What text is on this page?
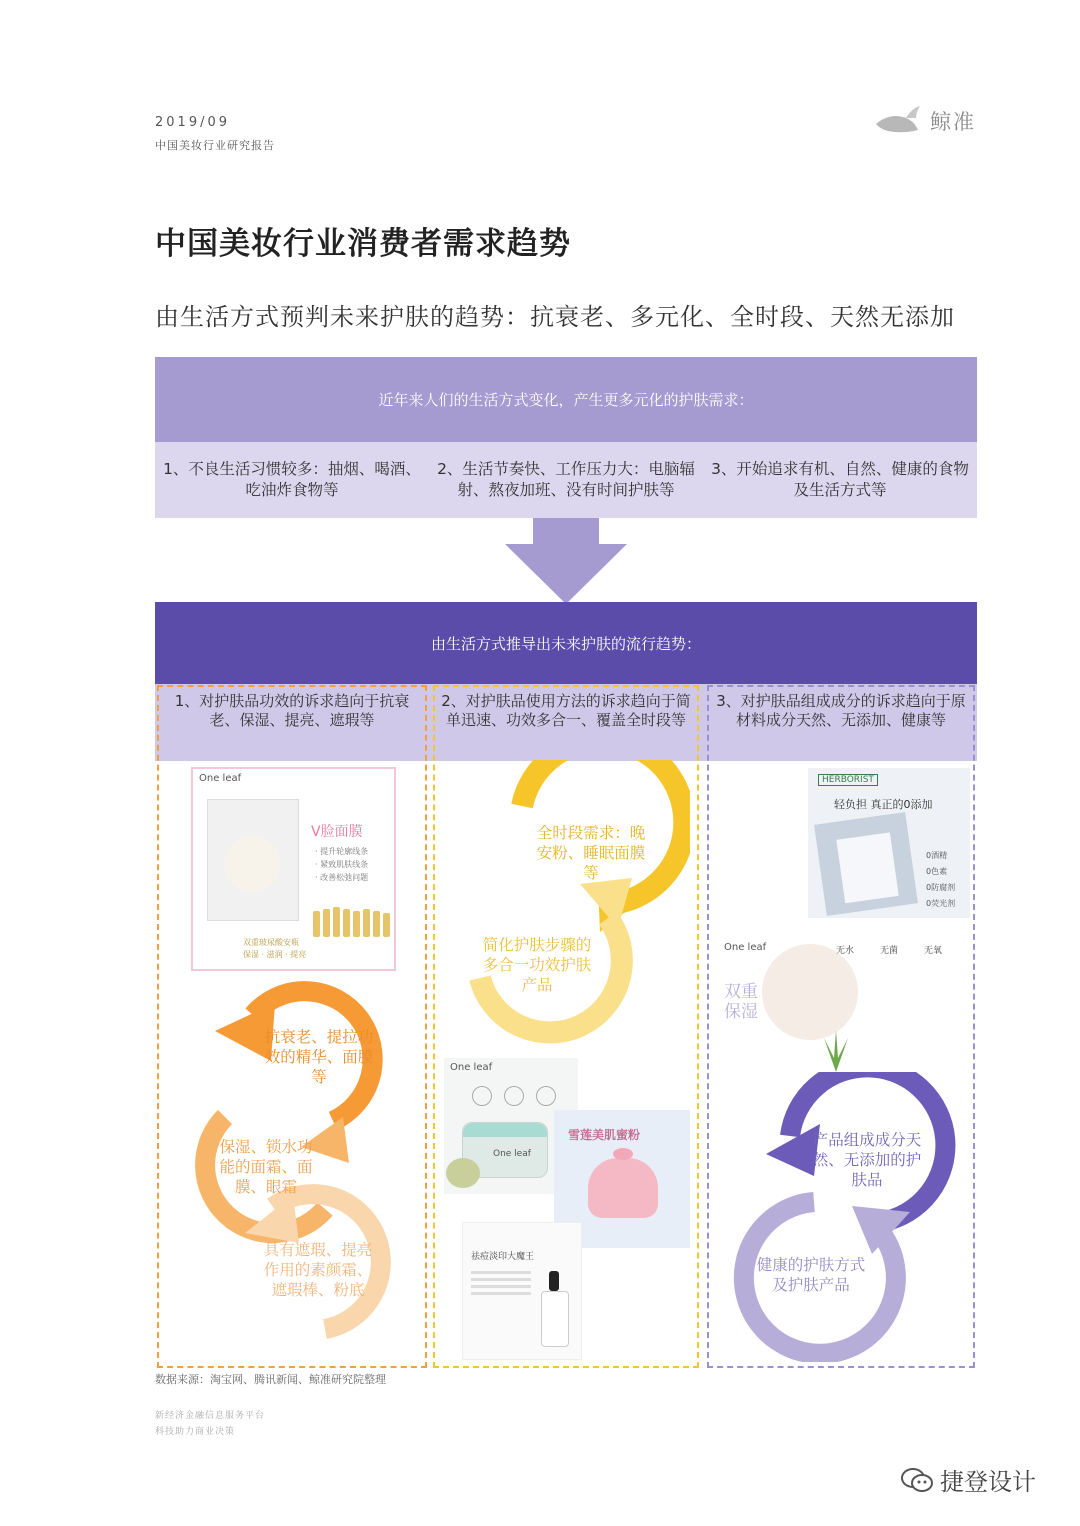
2019/09
中国美妆行业研究报告
鲸准
中国美妆行业消费者需求趋势
由生活方式预判未来护肤的趋势：抗衰老、多元化、全时段、天然无添加
近年来人们的生活方式变化，产生更多元化的护肤需求：
1、不良生活习惯较多：抽烟、喝酒、吃油炸食物等
2、生活节奏快、工作压力大：电脑辐射、熬夜加班、没有时间护肤等
3、开始追求有机、自然、健康的食物及生活方式等
由生活方式推导出未来护肤的流行趋势：
1、对护肤品功效的诉求趋向于抗衰老、保湿、提亮、遮瑕等
2、对护肤品使用方法的诉求趋向于简单迅速、功效多合一、覆盖全时段等
3、对护肤品组成成分的诉求趋向于原材料成分天然、无添加、健康等
One leaf
V脸面膜
· 提升轮廓线条
· 紧致肌肤线条
· 改善松弛问题
双重玻尿酸安瓶
保湿 · 滋润 · 提亮
抗衰老、提拉功效的精华、面膜等
保湿、锁水功能的面霜、面膜、眼霜
具有遮瑕、提亮作用的素颜霜、遮瑕棒、粉底
全时段需求：晚安粉、睡眠面膜等
简化护肤步骤的多合一功效护肤产品
One leaf
One leaf
雪莲美肌蜜粉
祛痘淡印大魔王
HERBORIST
轻负担 真正的0添加
0酒精
0色素
0防腐剂
0荧光剂
One leaf
双重保湿
无水	无菌	无氧
产品组成成分天然、无添加的护肤品
健康的护肤方式及护肤产品
数据来源：淘宝网、腾讯新闻、鲸准研究院整理
新经济金融信息服务平台
科技助力商业决策
捷登设计
